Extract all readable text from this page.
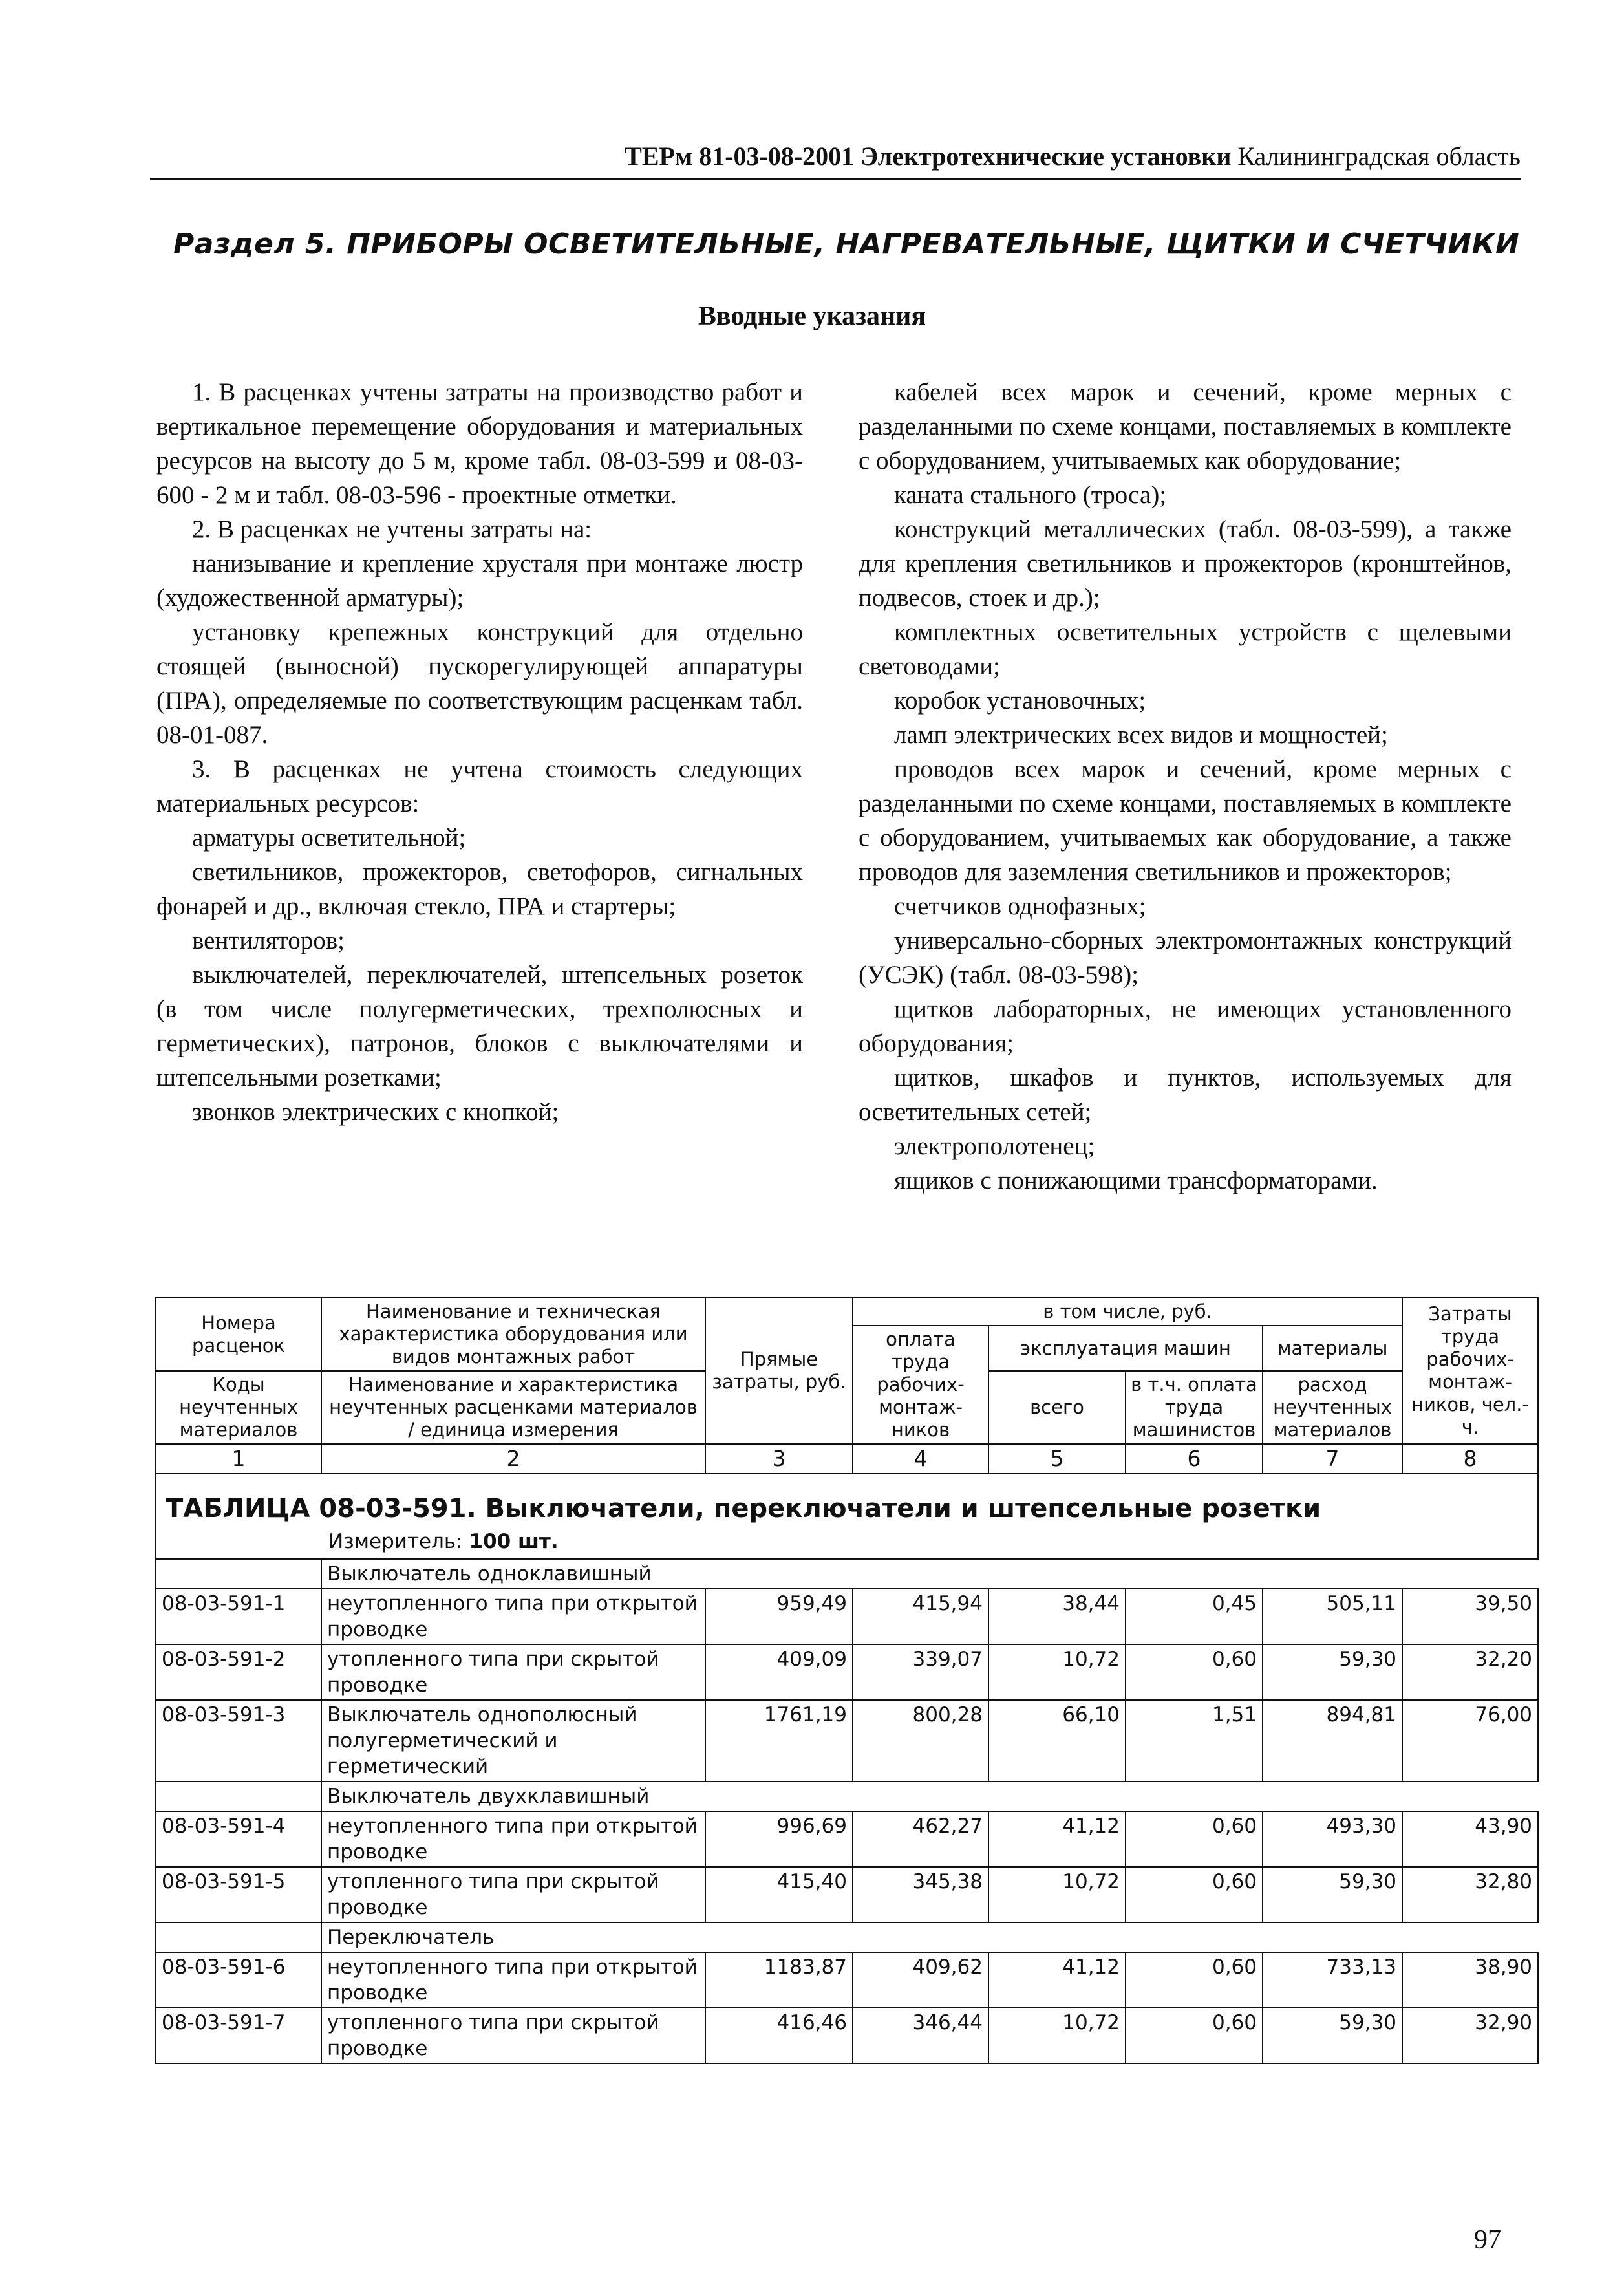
ТЕРм 81-03-08-2001 Электротехнические установки Калининградская область
Раздел 5. ПРИБОРЫ ОСВЕТИТЕЛЬНЫЕ, НАГРЕВАТЕЛЬНЫЕ, ЩИТКИ И СЧЕТЧИКИ
Вводные указания

1. В расценках учтены затраты на производство работ и вертикальное перемещение оборудования и материальных ресурсов на высоту до 5 м, кроме табл. 08-03-599 и 08-03-600 - 2 м и табл. 08-03-596 - проектные отметки.

2. В расценках не учтены затраты на:

нанизывание и крепление хрусталя при монтаже люстр (художественной арматуры);

установку крепежных конструкций для отдельно стоящей (выносной) пускорегулирующей аппаратуры (ПРА), определяемые по соответствующим расценкам табл. 08-01-087.

3. В расценках не учтена стоимость следующих материальных ресурсов:

арматуры осветительной;

светильников, прожекторов, светофоров, сигнальных фонарей и др., включая стекло, ПРА и стартеры;

вентиляторов;

выключателей, переключателей, штепсельных розеток (в том числе полугерметических, трехполюсных и герметических), патронов, блоков с выключателями и штепсельными розетками;

звонков электрических с кнопкой;

кабелей всех марок и сечений, кроме мерных с разделанными по схеме концами, поставляемых в комплекте с оборудованием, учитываемых как оборудование;

каната стального (троса);

конструкций металлических (табл. 08-03-599), а также для крепления светильников и прожекторов (кронштейнов, подвесов, стоек и др.);

комплектных осветительных устройств с щелевыми световодами;

коробок установочных;

ламп электрических всех видов и мощностей;

проводов всех марок и сечений, кроме мерных с разделанными по схеме концами, поставляемых в комплекте с оборудованием, учитываемых как оборудование, а также проводов для заземления светильников и прожекторов;

счетчиков однофазных;

универсально-сборных электромонтажных конструкций (УСЭК) (табл. 08-03-598);

щитков лабораторных, не имеющих установленного оборудования;

щитков, шкафов и пунктов, используемых для осветительных сетей;

электрополотенец;

ящиков с понижающими трансформаторами.

Номера расценок	Наименование и техническая характеристика оборудования или видов монтажных работ	Прямые затраты, руб.	в том числе, руб.				Затраты труда рабочих-монтаж-ников, чел.-ч.
			оплата труда рабочих-монтаж-ников	эксплуатация машин		материалы	
Коды неучтенных материалов	Наименование и характеристика неучтенных расценками материалов / единица измерения			всего	в т.ч. оплата труда машинистов	расход неучтенных материалов	

1	2	3	4	5	6	7	8
ТАБЛИЦА 08-03-591. Выключатели, переключатели и штепсельные розетки							
Измеритель: 100 шт.							
	Выключатель одноклавишный						
08-03-591-1	неутопленного типа при открытой проводке	959,49	415,94	38,44	0,45	505,11	39,50
08-03-591-2	утопленного типа при скрытой проводке	409,09	339,07	10,72	0,60	59,30	32,20
08-03-591-3	Выключатель однополюсный полугерметический и герметический	1761,19	800,28	66,10	1,51	894,81	76,00
	Выключатель двухклавишный						
08-03-591-4	неутопленного типа при открытой проводке	996,69	462,27	41,12	0,60	493,30	43,90
08-03-591-5	утопленного типа при скрытой проводке	415,40	345,38	10,72	0,60	59,30	32,80
	Переключатель						
08-03-591-6	неутопленного типа при открытой проводке	1183,87	409,62	41,12	0,60	733,13	38,90
08-03-591-7	утопленного типа при скрытой проводке	416,46	346,44	10,72	0,60	59,30	32,90
97
